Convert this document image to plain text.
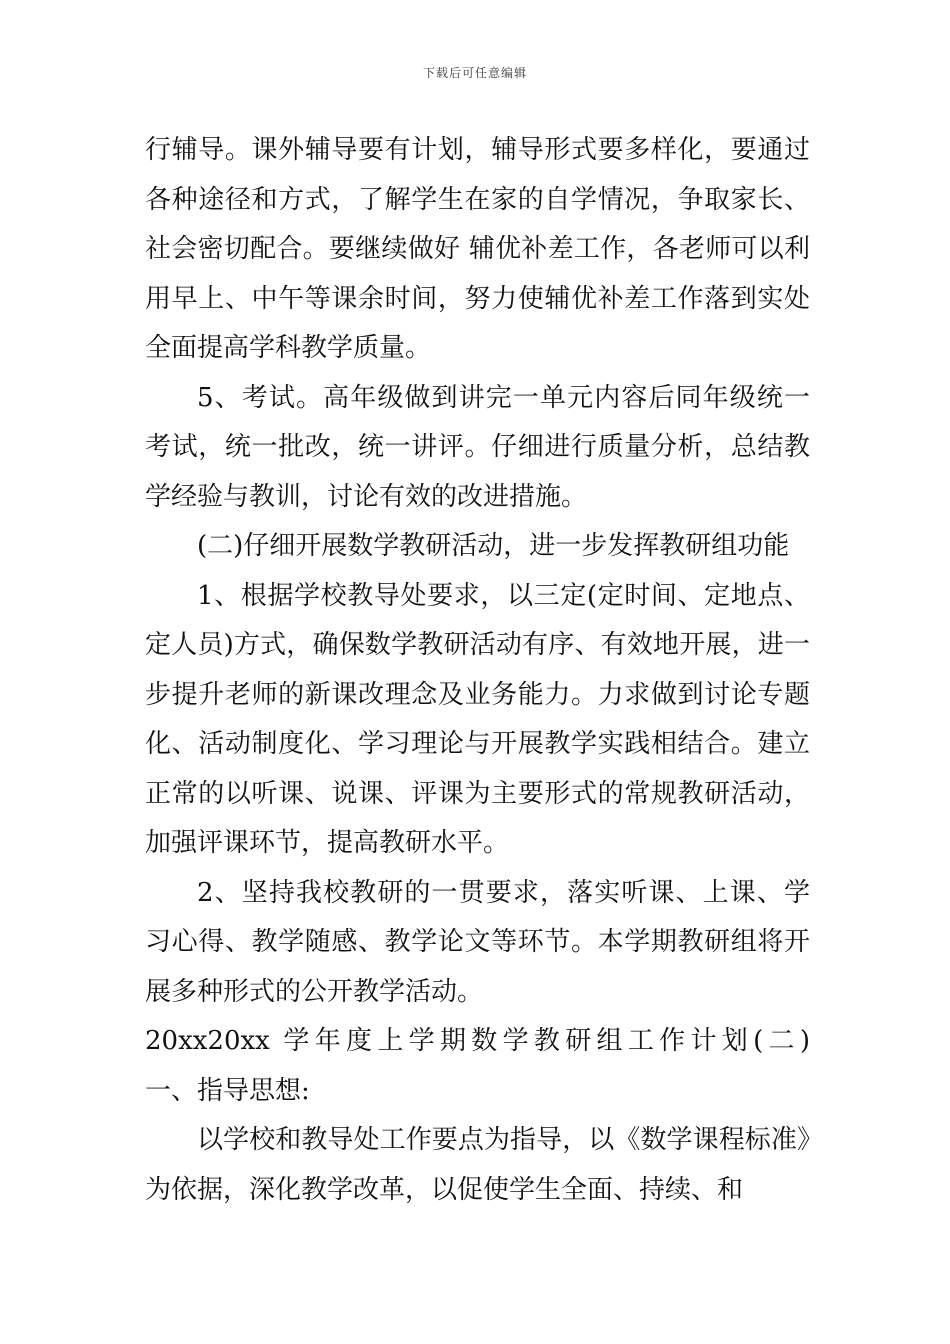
下载后可任意编辑

行辅导。课外辅导要有计划，辅导形式要多样化，要通过各种途径和方式，了解学生在家的自学情况，争取家长、社会密切配合。要继续做好 辅优补差工作，各老师可以利用早上、中午等课余时间，努力使辅优补差工作落到实处全面提高学科教学质量。

5、考试。高年级做到讲完一单元内容后同年级统一考试，统一批改，统一讲评。仔细进行质量分析，总结教学经验与教训，讨论有效的改进措施。

(二)仔细开展数学教研活动，进一步发挥教研组功能

1、根据学校教导处要求，以三定(定时间、定地点、定人员)方式，确保数学教研活动有序、有效地开展，进一步提升老师的新课改理念及业务能力。力求做到讨论专题化、活动制度化、学习理论与开展教学实践相结合。建立正常的以听课、说课、评课为主要形式的常规教研活动，加强评课环节，提高教研水平。

2、坚持我校教研的一贯要求，落实听课、上课、学习心得、教学随感、教学论文等环节。本学期教研组将开展多种形式的公开教学活动。

20xx20xx 学年度上学期数学教研组工作计划(二)        一、指导思想:

以学校和教导处工作要点为指导，以《数学课程标准》为依据，深化教学改革，以促使学生全面、持续、和
